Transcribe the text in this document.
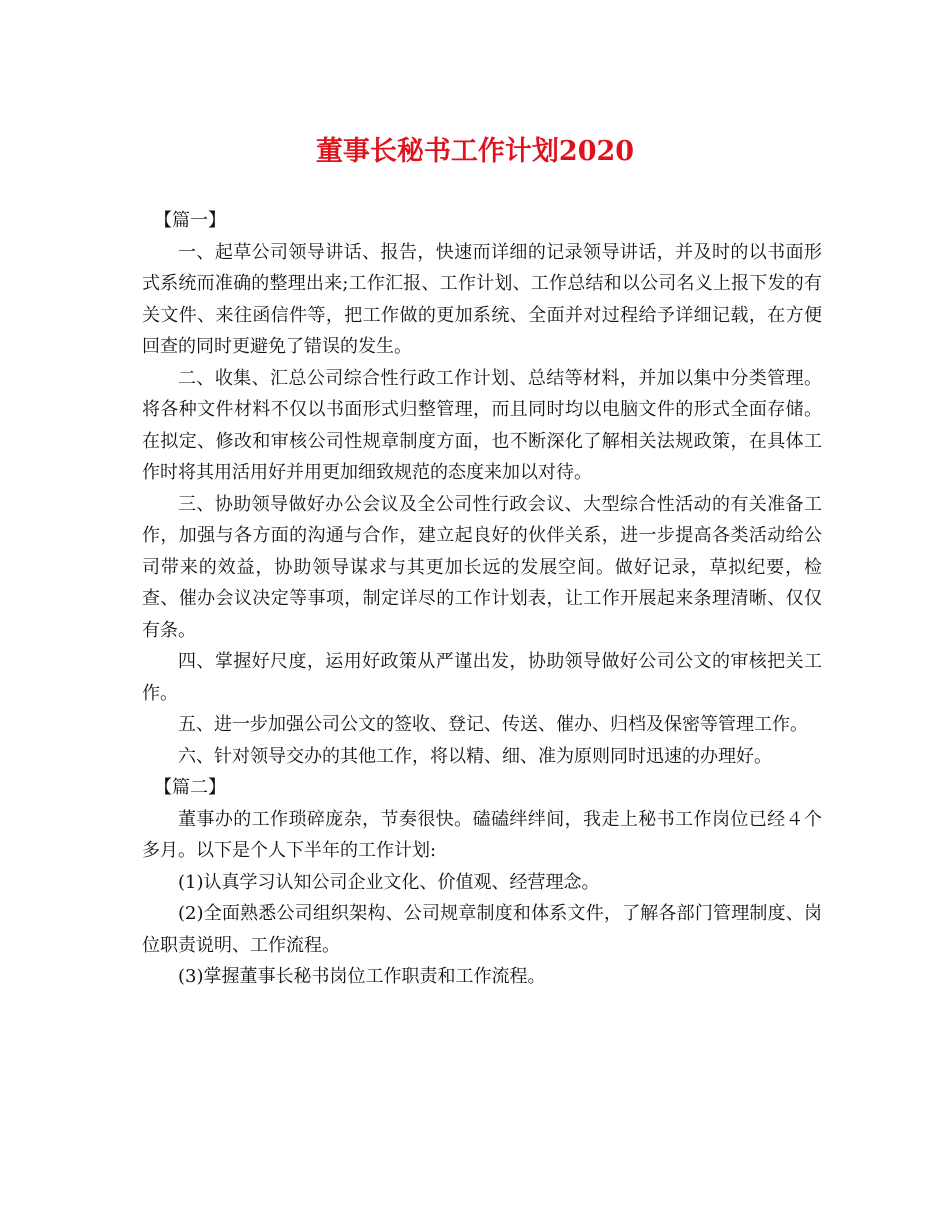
董事长秘书工作计划2020

【篇一】

一、起草公司领导讲话、报告，快速而详细的记录领导讲话，并及时的以书面形式系统而准确的整理出来;工作汇报、工作计划、工作总结和以公司名义上报下发的有关文件、来往函信件等，把工作做的更加系统、全面并对过程给予详细记载，在方便回查的同时更避免了错误的发生。

二、收集、汇总公司综合性行政工作计划、总结等材料，并加以集中分类管理。将各种文件材料不仅以书面形式归整管理，而且同时均以电脑文件的形式全面存储。在拟定、修改和审核公司性规章制度方面，也不断深化了解相关法规政策，在具体工作时将其用活用好并用更加细致规范的态度来加以对待。

三、协助领导做好办公会议及全公司性行政会议、大型综合性活动的有关准备工作，加强与各方面的沟通与合作，建立起良好的伙伴关系，进一步提高各类活动给公司带来的效益，协助领导谋求与其更加长远的发展空间。做好记录，草拟纪要，检查、催办会议决定等事项，制定详尽的工作计划表，让工作开展起来条理清晰、仅仅有条。

四、掌握好尺度，运用好政策从严谨出发，协助领导做好公司公文的审核把关工作。

五、进一步加强公司公文的签收、登记、传送、催办、归档及保密等管理工作。

六、针对领导交办的其他工作，将以精、细、准为原则同时迅速的办理好。

【篇二】

董事办的工作琐碎庞杂，节奏很快。磕磕绊绊间，我走上秘书工作岗位已经４个多月。以下是个人下半年的工作计划:

(1)认真学习认知公司企业文化、价值观、经营理念。

(2)全面熟悉公司组织架构、公司规章制度和体系文件，了解各部门管理制度、岗位职责说明、工作流程。

(3)掌握董事长秘书岗位工作职责和工作流程。
